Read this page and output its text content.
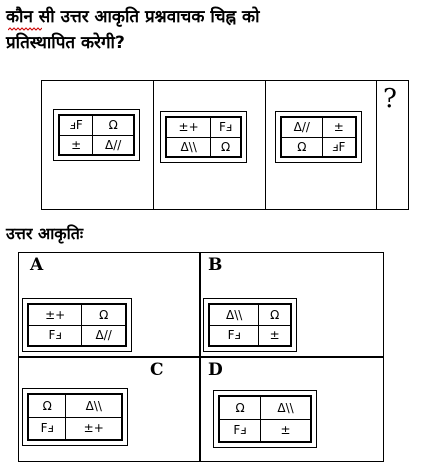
कौन सी उत्तर आकृति प्रश्नवाचक चिह्न को
प्रतिस्थापित करेगी?
ⅎF	Ω
±	Δ//
±+	Fⅎ
Δ\\	Ω
Δ//	±
Ω	ⅎF
?
उत्तर आकृतिः
A	B
C	D
±+	Ω
Fⅎ	Δ//
Δ\\	Ω
Fⅎ	±
Ω	Δ\\
Fⅎ	±+
Ω	Δ\\
Fⅎ	±
